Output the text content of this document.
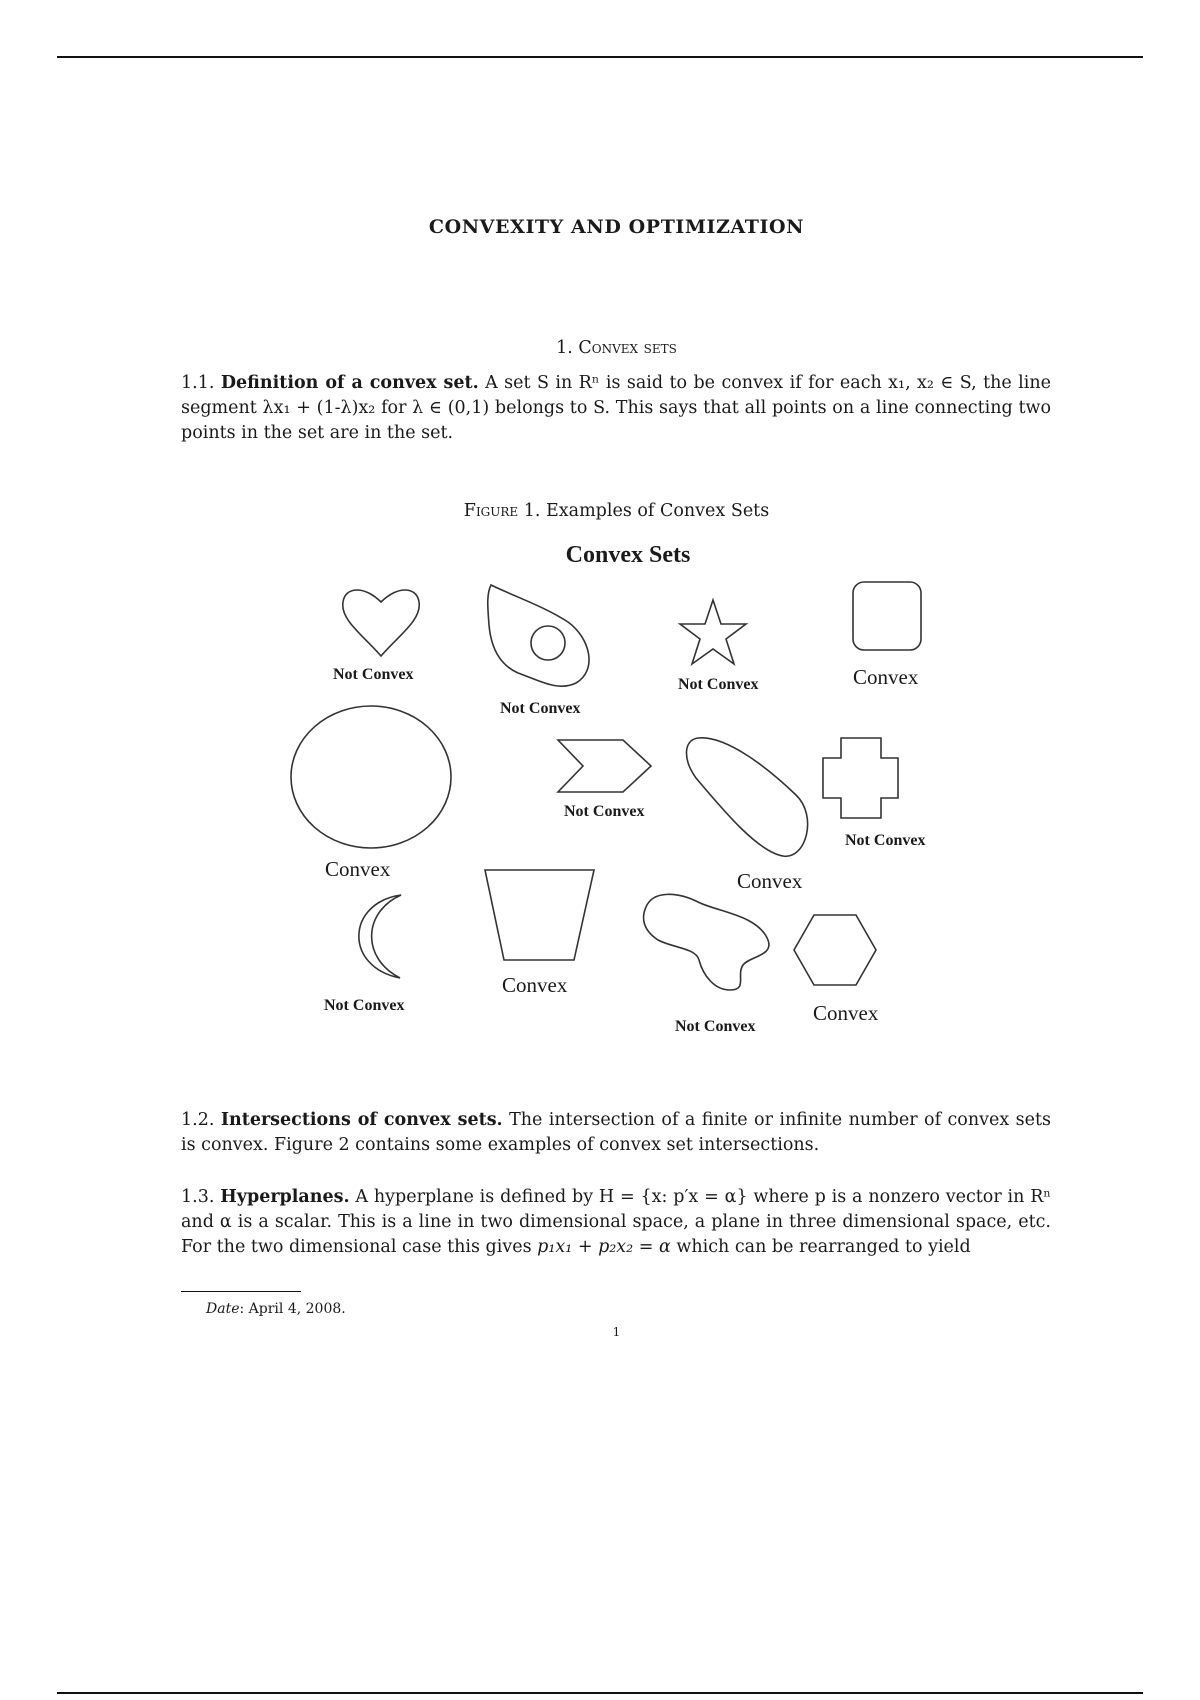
CONVEXITY AND OPTIMIZATION
1. Convex sets
1.1. Definition of a convex set. A set S in Rⁿ is said to be convex if for each x₁, x₂ ∈ S, the line segment λx₁ + (1-λ)x₂ for λ ∈ (0,1) belongs to S. This says that all points on a line connecting two points in the set are in the set.
Figure 1. Examples of Convex Sets
Convex Sets
Not Convex
Not Convex
Not Convex	Convex
Convex
Not Convex
Convex
Not Convex
Not Convex
Convex
Not Convex
Convex
1.2. Intersections of convex sets. The intersection of a finite or infinite number of convex sets is convex. Figure 2 contains some examples of convex set intersections.
1.3. Hyperplanes. A hyperplane is defined by H = {x: p′x = α} where p is a nonzero vector in Rⁿ and α is a scalar. This is a line in two dimensional space, a plane in three dimensional space, etc. For the two dimensional case this gives p₁x₁ + p₂x₂ = α which can be rearranged to yield
Date: April 4, 2008.
1
